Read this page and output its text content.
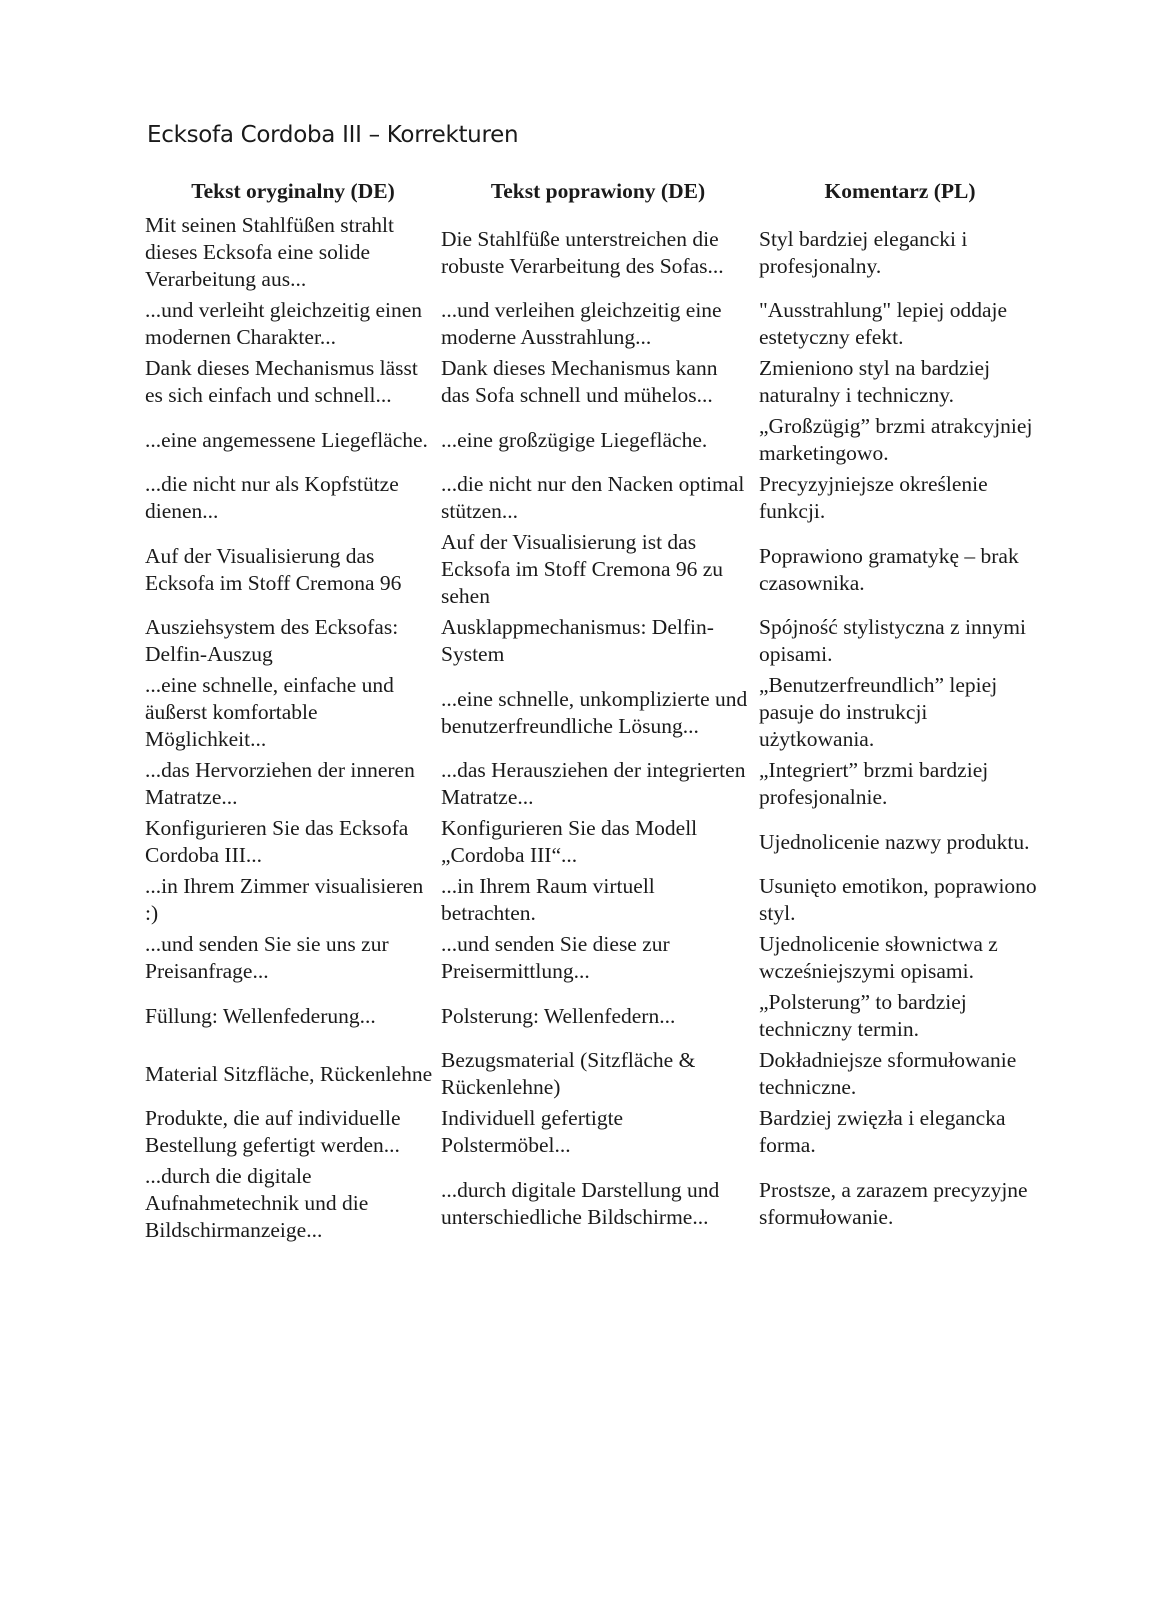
Ecksofa Cordoba III – Korrekturen
Tekst oryginalny (DE)	Tekst poprawiony (DE)	Komentarz (PL)
Mit seinen Stahlfüßen strahlt dieses Ecksofa eine solide Verarbeitung aus...	Die Stahlfüße unterstreichen die robuste Verarbeitung des Sofas...	Styl bardziej elegancki i profesjonalny.
...und verleiht gleichzeitig einen modernen Charakter...	...und verleihen gleichzeitig eine moderne Ausstrahlung...	"Ausstrahlung" lepiej oddaje estetyczny efekt.
Dank dieses Mechanismus lässt es sich einfach und schnell...	Dank dieses Mechanismus kann das Sofa schnell und mühelos...	Zmieniono styl na bardziej naturalny i techniczny.
...eine angemessene Liegefläche.	...eine großzügige Liegefläche.	„Großzügig” brzmi atrakcyjniej marketingowo.
...die nicht nur als Kopfstütze dienen...	...die nicht nur den Nacken optimal stützen...	Precyzyjniejsze określenie funkcji.
Auf der Visualisierung das Ecksofa im Stoff Cremona 96	Auf der Visualisierung ist das Ecksofa im Stoff Cremona 96 zu sehen	Poprawiono gramatykę – brak czasownika.
Ausziehsystem des Ecksofas: Delfin-Auszug	Ausklappmechanismus: Delfin-System	Spójność stylistyczna z innymi opisami.
...eine schnelle, einfache und äußerst komfortable Möglichkeit...	...eine schnelle, unkomplizierte und benutzerfreundliche Lösung...	„Benutzerfreundlich” lepiej pasuje do instrukcji użytkowania.
...das Hervorziehen der inneren Matratze...	...das Herausziehen der integrierten Matratze...	„Integriert” brzmi bardziej profesjonalnie.
Konfigurieren Sie das Ecksofa Cordoba III...	Konfigurieren Sie das Modell „Cordoba III“...	Ujednolicenie nazwy produktu.
...in Ihrem Zimmer visualisieren :)	...in Ihrem Raum virtuell betrachten.	Usunięto emotikon, poprawiono styl.
...und senden Sie sie uns zur Preisanfrage...	...und senden Sie diese zur Preisermittlung...	Ujednolicenie słownictwa z wcześniejszymi opisami.
Füllung: Wellenfederung...	Polsterung: Wellenfedern...	„Polsterung” to bardziej techniczny termin.
Material Sitzfläche, Rückenlehne	Bezugsmaterial (Sitzfläche & Rückenlehne)	Dokładniejsze sformułowanie techniczne.
Produkte, die auf individuelle Bestellung gefertigt werden...	Individuell gefertigte Polstermöbel...	Bardziej zwięzła i elegancka forma.
...durch die digitale Aufnahmetechnik und die Bildschirmanzeige...	...durch digitale Darstellung und unterschiedliche Bildschirme...	Prostsze, a zarazem precyzyjne sformułowanie.
